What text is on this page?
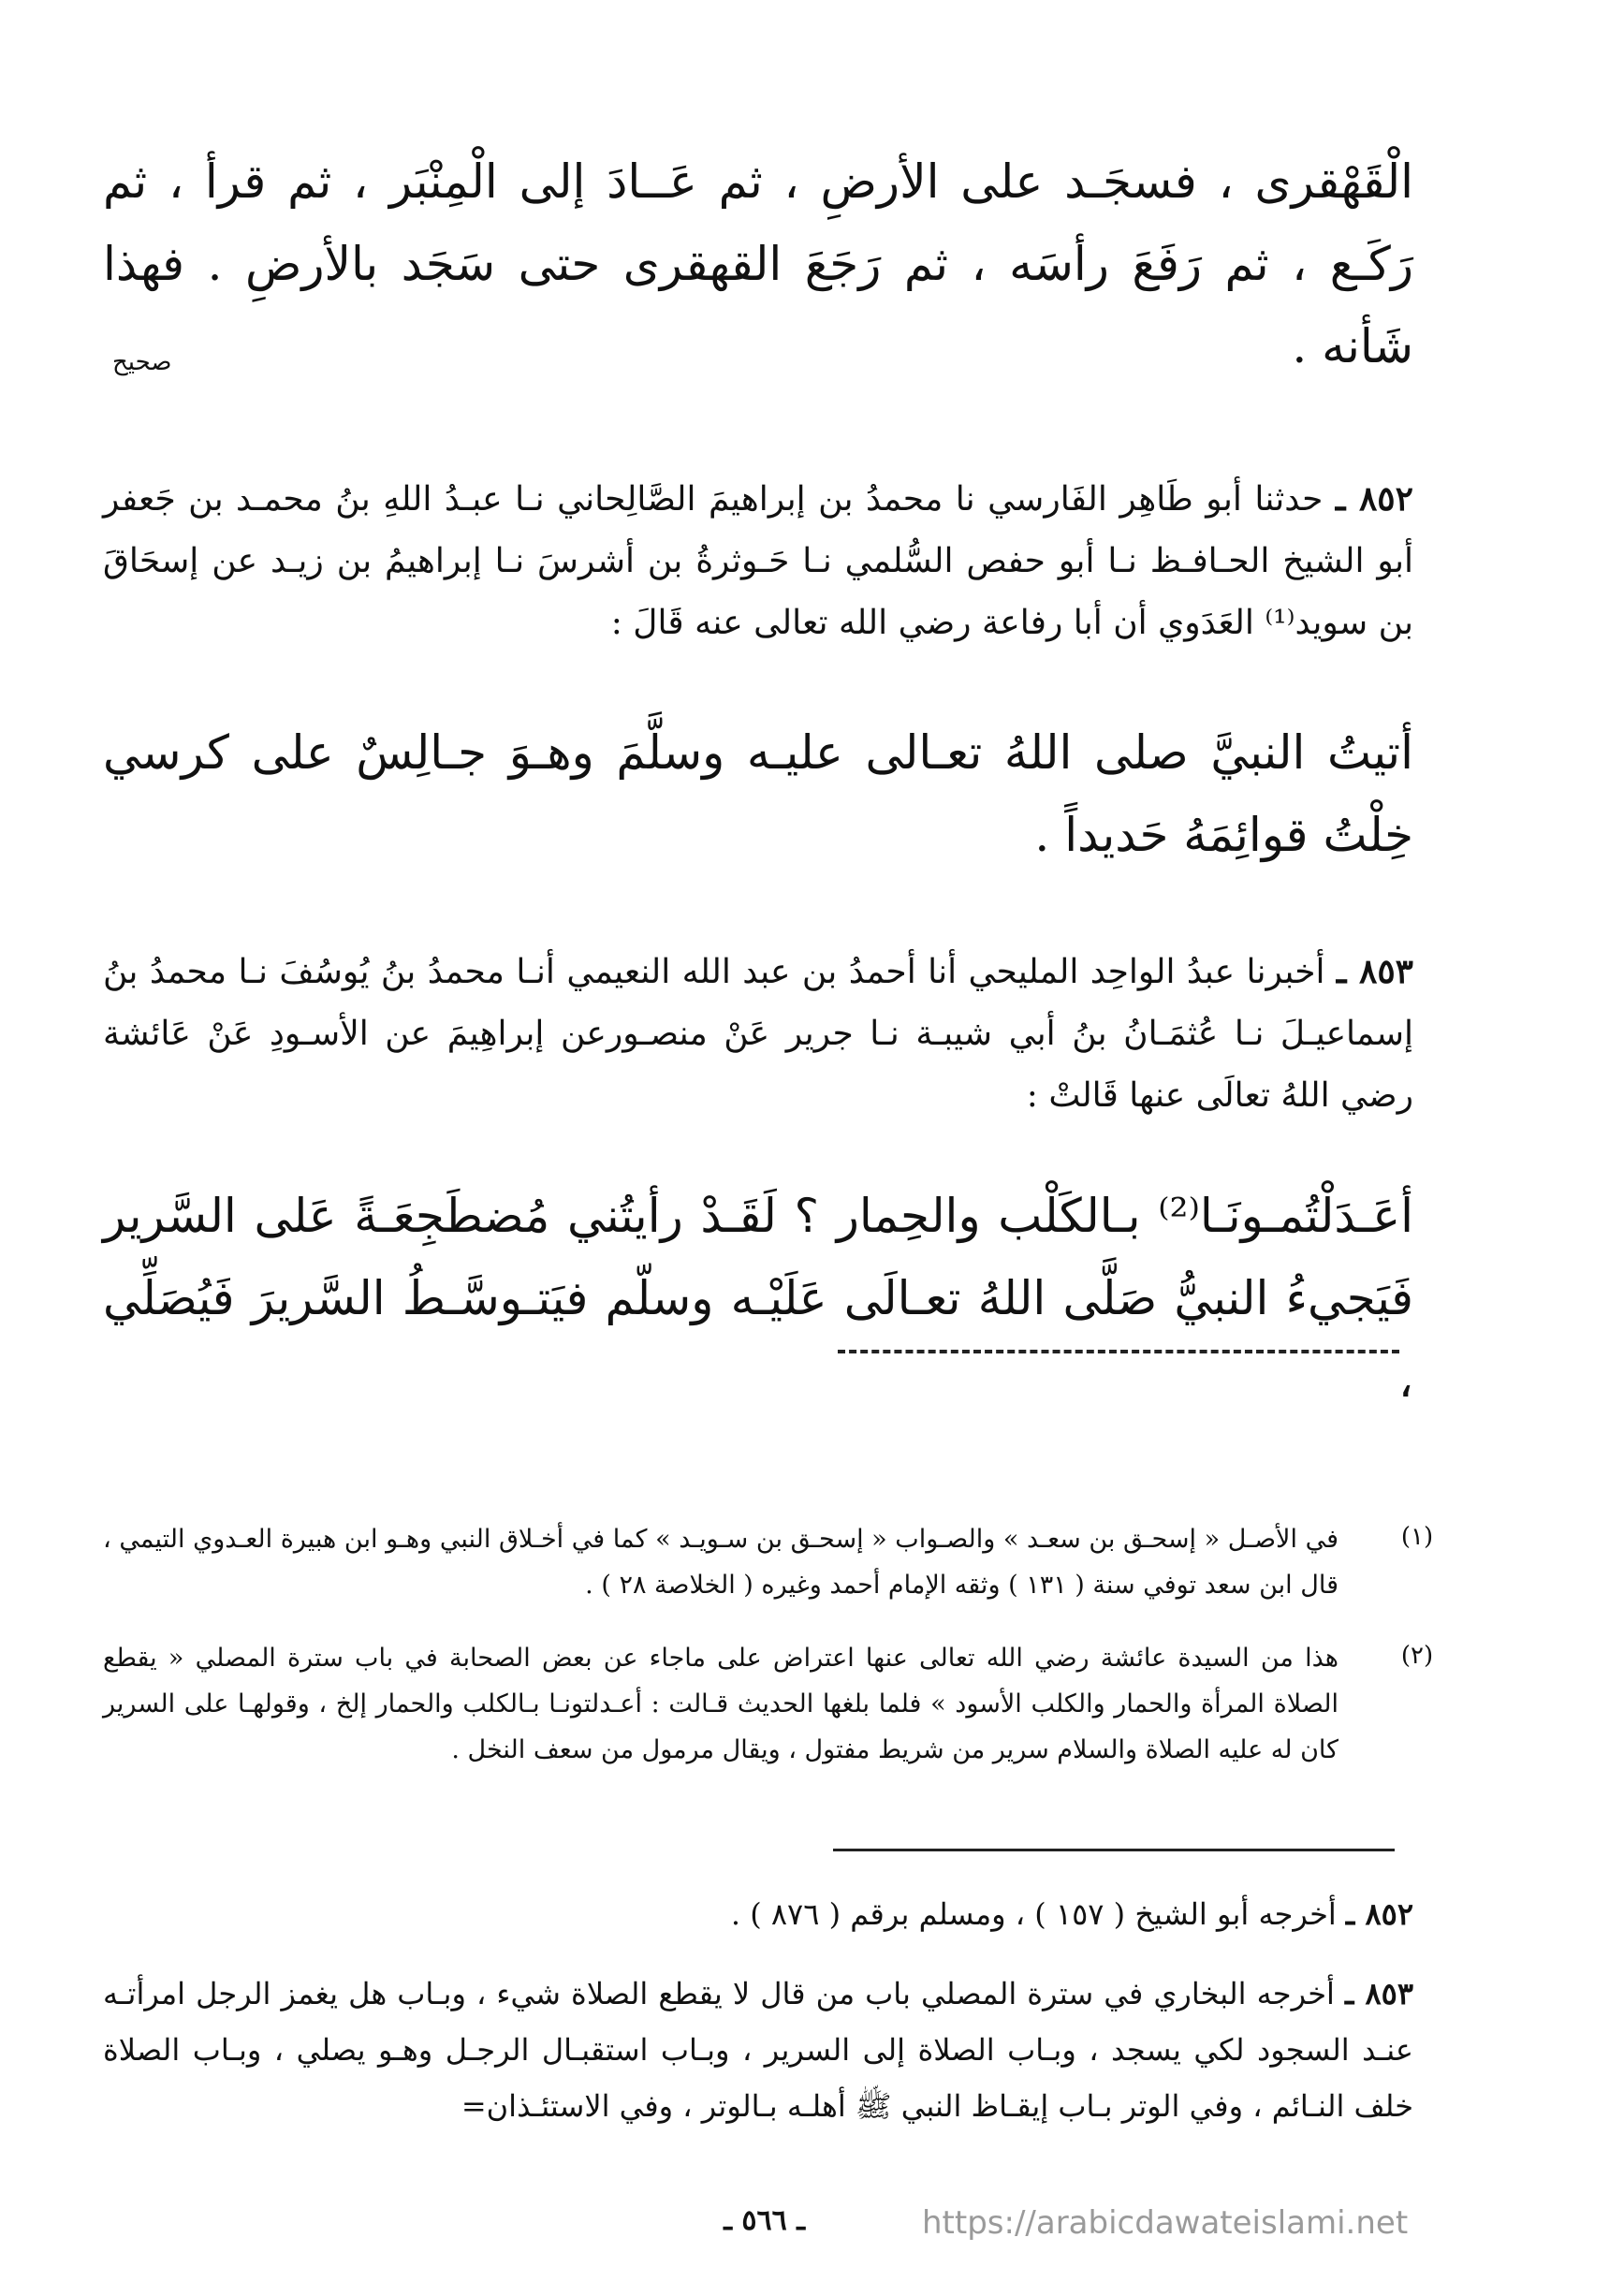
الْقَهْقرى ، فسجَـد على الأرضِ ، ثم عَــادَ إلى الْمِنْبَر ، ثم قرأ ، ثم رَكَـع ، ثم رَفَعَ رأسَه ، ثم رَجَعَ القهقرى حتى سَجَد بالأرضِ . فهذا شَأنه .
صحيح
٨٥٢ ـ حدثنا أبو طَاهِر الفَارسي نا محمدُ بن إبراهيمَ الصَّالِحاني نـا عبـدُ اللهِ بنُ محمـد بن جَعفر أبو الشيخ الحـافـظ نـا أبو حفص السُّلمي نـا حَـوثرةُ بن أشرسَ نـا إبراهيمُ بن زيـد عن إسحَاقَ بن سويد⁽¹⁾ العَدَوي أن أبا رفاعة رضي الله تعالى عنه قَالَ :
أتيتُ النبيَّ صلى اللهُ تعـالى عليـه وسلَّمَ وهـوَ جـالِسٌ على كرسي خِلْتُ قوائِمَهُ حَديداً .
٨٥٣ ـ أخبرنا عبدُ الواحِد المليحي أنا أحمدُ بن عبد الله النعيمي أنـا محمدُ بنُ يُوسُفَ نـا محمدُ بنُ إسماعيـلَ نـا عُثمَـانُ بنُ أبي شيبـة نـا جرير عَنْ منصـورعن إبراهِيمَ عن الأسـودِ عَنْ عَائشة رضي اللهُ تعالَى عنها قَالتْ :
أعَـدَلْتُمـونَـا⁽²⁾ بـالكَلْب والحِمار ؟ لَقَـدْ رأيتُني مُضطَجِعَـةً عَلى السَّرير فَيَجيءُ النبيُّ صَلَّى اللهُ تعـالَى عَلَيْـه وسلّم فيَتـوسَّـطُ السَّريرَ فَيُصَلِّي ،
(١)
في الأصـل « إسحـق بن سعـد » والصـواب « إسحـق بن سـويـد » كما في أخـلاق النبي وهـو ابن هبيرة العـدوي التيمي ، قال ابن سعد توفي سنة ( ١٣١ ) وثقه الإمام أحمد وغيره ( الخلاصة ٢٨ ) .
(٢)
هذا من السيدة عائشة رضي الله تعالى عنها اعتراض على ماجاء عن بعض الصحابة في باب سترة المصلي « يقطع الصلاة المرأة والحمار والكلب الأسود » فلما بلغها الحديث قـالت : أعـدلتونـا بـالكلب والحمار إلخ ، وقولهـا على السرير كان له عليه الصلاة والسلام سرير من شريط مفتول ، ويقال مرمول من سعف النخل .
٨٥٢ ـ أخرجه أبو الشيخ ( ١٥٧ ) ، ومسلم برقم ( ٨٧٦ ) .
٨٥٣ ـ أخرجه البخاري في سترة المصلي باب من قال لا يقطع الصلاة شيء ، وبـاب هل يغمز الرجل امرأتـه عنـد السجود لكي يسجد ، وبـاب الصلاة إلى السرير ، وبـاب استقبـال الرجـل وهـو يصلي ، وبـاب الصلاة خلف النـائم ، وفي الوتر بـاب إيقـاظ النبي ﷺ أهلـه بـالوتر ، وفي الاستئـذان=
ـ ٥٦٦ ـ	https://arabicdawateislami.net
